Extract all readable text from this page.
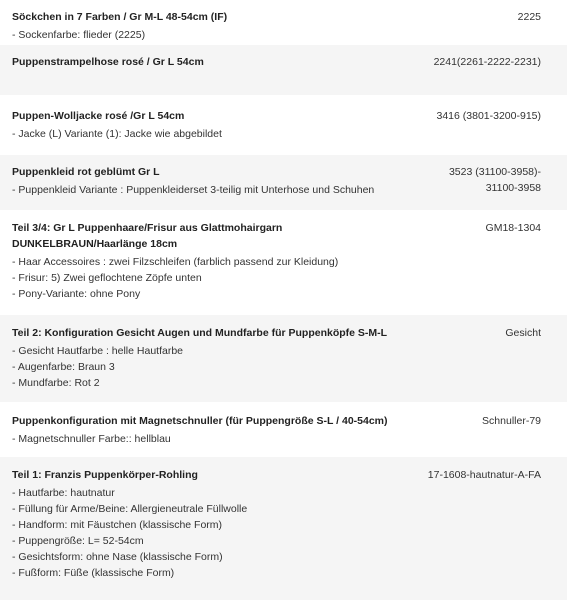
Söckchen in 7 Farben / Gr M-L 48-54cm (IF)
- Sockenfarbe: flieder (2225)
2225
Puppenstrampelhose rosé / Gr L 54cm	2241(2261-2222-2231)
Puppen-Wolljacke rosé /Gr L 54cm
- Jacke (L) Variante (1): Jacke wie abgebildet
3416 (3801-3200-915)
Puppenkleid rot geblümt Gr L
- Puppenkleid Variante : Puppenkleiderset 3-teilig mit Unterhose und Schuhen
3523 (31100-3958)-
31100-3958
Teil 3/4: Gr L Puppenhaare/Frisur aus Glattmohairgarn
DUNKELBRAUN/Haarlänge 18cm
- Haar Accessoires : zwei Filzschleifen (farblich passend zur Kleidung)
- Frisur: 5) Zwei geflochtene Zöpfe unten
- Pony-Variante: ohne Pony
GM18-1304
Teil 2: Konfiguration Gesicht Augen und Mundfarbe für Puppenköpfe S-M-L
- Gesicht Hautfarbe : helle Hautfarbe
- Augenfarbe: Braun 3
- Mundfarbe: Rot 2
Gesicht
Puppenkonfiguration mit Magnetschnuller (für Puppengröße S-L / 40-54cm)
- Magnetschnuller Farbe:: hellblau
Schnuller-79
Teil 1: Franzis Puppenkörper-Rohling
- Hautfarbe: hautnatur
- Füllung für Arme/Beine: Allergieneutrale Füllwolle
- Handform: mit Fäustchen (klassische Form)
- Puppengröße: L= 52-54cm
- Gesichtsform: ohne Nase (klassische Form)
- Fußform: Füße (klassische Form)
17-1608-hautnatur-A-FA
